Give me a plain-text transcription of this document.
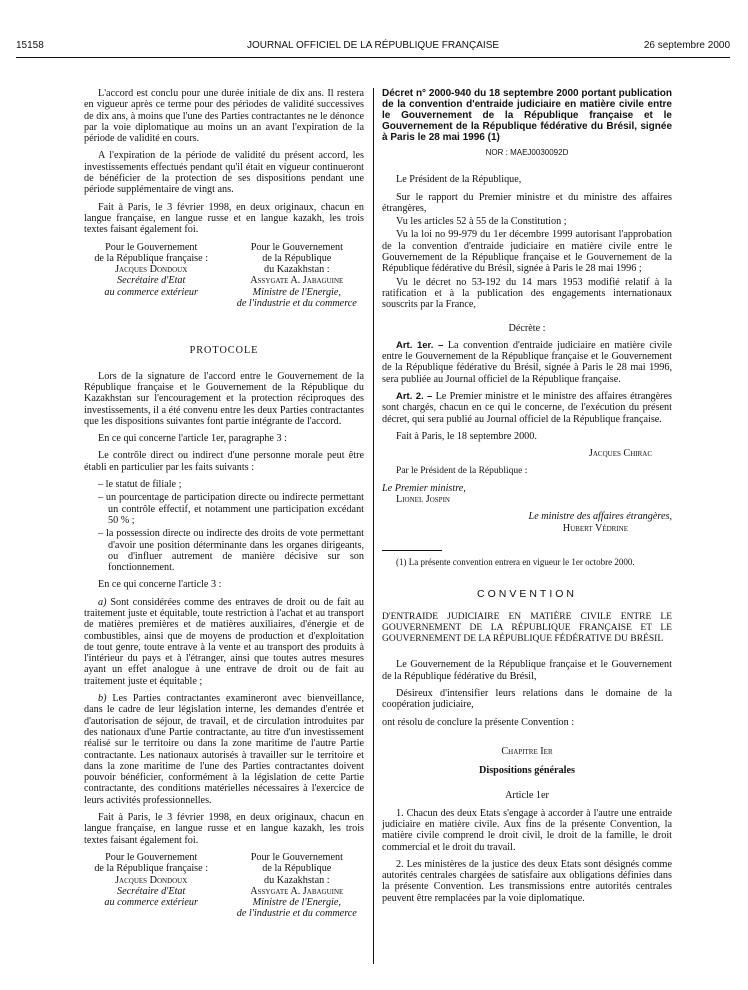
15158	JOURNAL OFFICIEL DE LA RÉPUBLIQUE FRANÇAISE	26 septembre 2000

L'accord est conclu pour une durée initiale de dix ans. Il restera en vigueur après ce terme pour des périodes de validité successives de dix ans, à moins que l'une des Parties contractantes ne le dénonce par la voie diplomatique au moins un an avant l'expiration de la période de validité en cours.

A l'expiration de la période de validité du présent accord, les investissements effectués pendant qu'il était en vigueur continueront de bénéficier de la protection de ses dispositions pendant une période supplémentaire de vingt ans.

Fait à Paris, le 3 février 1998, en deux originaux, chacun en langue française, en langue russe et en langue kazakh, les trois textes faisant également foi.

Pour le Gouvernement
de la République française :
Jacques Dondoux
Secrétaire d'Etat
au commerce extérieur
Pour le Gouvernement
de la République
du Kazakhstan :
Assygate A. Jabaguine
Ministre de l'Energie,
de l'industrie et du commerce
PROTOCOLE

Lors de la signature de l'accord entre le Gouvernement de la République française et le Gouvernement de la République du Kazakhstan sur l'encouragement et la protection réciproques des investissements, il a été convenu entre les deux Parties contractantes que les dispositions suivantes font partie intégrante de l'accord.

En ce qui concerne l'article 1er, paragraphe 3 :

Le contrôle direct ou indirect d'une personne morale peut être établi en particulier par les faits suivants :

– le statut de filiale ;
– un pourcentage de participation directe ou indirecte permettant un contrôle effectif, et notamment une participation excédant 50 % ;
– la possession directe ou indirecte des droits de vote permettant d'avoir une position déterminante dans les organes dirigeants, ou d'influer autrement de manière décisive sur son fonctionnement.

En ce qui concerne l'article 3 :

a) Sont considérées comme des entraves de droit ou de fait au traitement juste et équitable, toute restriction à l'achat et au transport de matières premières et de matières auxiliaires, d'énergie et de combustibles, ainsi que de moyens de production et d'exploitation de tout genre, toute entrave à la vente et au transport des produits à l'intérieur du pays et à l'étranger, ainsi que toutes autres mesures ayant un effet analogue à une entrave de droit ou de fait au traitement juste et équitable ;

b) Les Parties contractantes examineront avec bienveillance, dans le cadre de leur législation interne, les demandes d'entrée et d'autorisation de séjour, de travail, et de circulation introduites par des nationaux d'une Partie contractante, au titre d'un investissement réalisé sur le territoire ou dans la zone maritime de l'autre Partie contractante. Les nationaux autorisés à travailler sur le territoire et dans la zone maritime de l'une des Parties contractantes doivent pouvoir bénéficier, conformément à la législation de cette Partie contractante, des conditions matérielles nécessaires à l'exercice de leurs activités professionnelles.

Fait à Paris, le 3 février 1998, en deux originaux, chacun en langue française, en langue russe et en langue kazakh, les trois textes faisant également foi.

Pour le Gouvernement
de la République française :
Jacques Dondoux
Secrétaire d'Etat
au commerce extérieur
Pour le Gouvernement
de la République
du Kazakhstan :
Assygate A. Jabaguine
Ministre de l'Energie,
de l'industrie et du commerce
Décret n° 2000-940 du 18 septembre 2000 portant publication de la convention d'entraide judiciaire en matière civile entre le Gouvernement de la République française et le Gouvernement de la République fédérative du Brésil, signée à Paris le 28 mai 1996 (1)
NOR : MAEJ0030092D

Le Président de la République,

Sur le rapport du Premier ministre et du ministre des affaires étrangères,

Vu les articles 52 à 55 de la Constitution ;

Vu la loi no 99-979 du 1er décembre 1999 autorisant l'approbation de la convention d'entraide judiciaire en matière civile entre le Gouvernement de la République française et le Gouvernement de la République fédérative du Brésil, signée à Paris le 28 mai 1996 ;

Vu le décret no 53-192 du 14 mars 1953 modifié relatif à la ratification et à la publication des engagements internationaux souscrits par la France,

Décrète :

Art. 1er. – La convention d'entraide judiciaire en matière civile entre le Gouvernement de la République française et le Gouvernement de la République fédérative du Brésil, signée à Paris le 28 mai 1996, sera publiée au Journal officiel de la République française.

Art. 2. – Le Premier ministre et le ministre des affaires étrangères sont chargés, chacun en ce qui le concerne, de l'exécution du présent décret, qui sera publié au Journal officiel de la République française.

Fait à Paris, le 18 septembre 2000.

Jacques Chirac

Par le Président de la République :

Le Premier ministre,

Lionel Jospin

Le ministre des affaires étrangères,

Hubert Védrine

(1) La présente convention entrera en vigueur le 1er octobre 2000.

CONVENTION

D'ENTRAIDE JUDICIAIRE EN MATIÈRE CIVILE ENTRE LE GOUVERNEMENT DE LA RÉPUBLIQUE FRANÇAISE ET LE GOUVERNEMENT DE LA RÉPUBLIQUE FÉDÉRATIVE DU BRÉSIL

Le Gouvernement de la République française et le Gouvernement de la République fédérative du Brésil,

Désireux d'intensifier leurs relations dans le domaine de la coopération judiciaire,

ont résolu de conclure la présente Convention :

Chapitre Ier

Dispositions générales

Article 1er

1. Chacun des deux Etats s'engage à accorder à l'autre une entraide judiciaire en matière civile. Aux fins de la présente Convention, la matière civile comprend le droit civil, le droit de la famille, le droit commercial et le droit du travail.

2. Les ministères de la justice des deux Etats sont désignés comme autorités centrales chargées de satisfaire aux obligations définies dans la présente Convention. Les transmissions entre autorités centrales peuvent être remplacées par la voie diplomatique.
